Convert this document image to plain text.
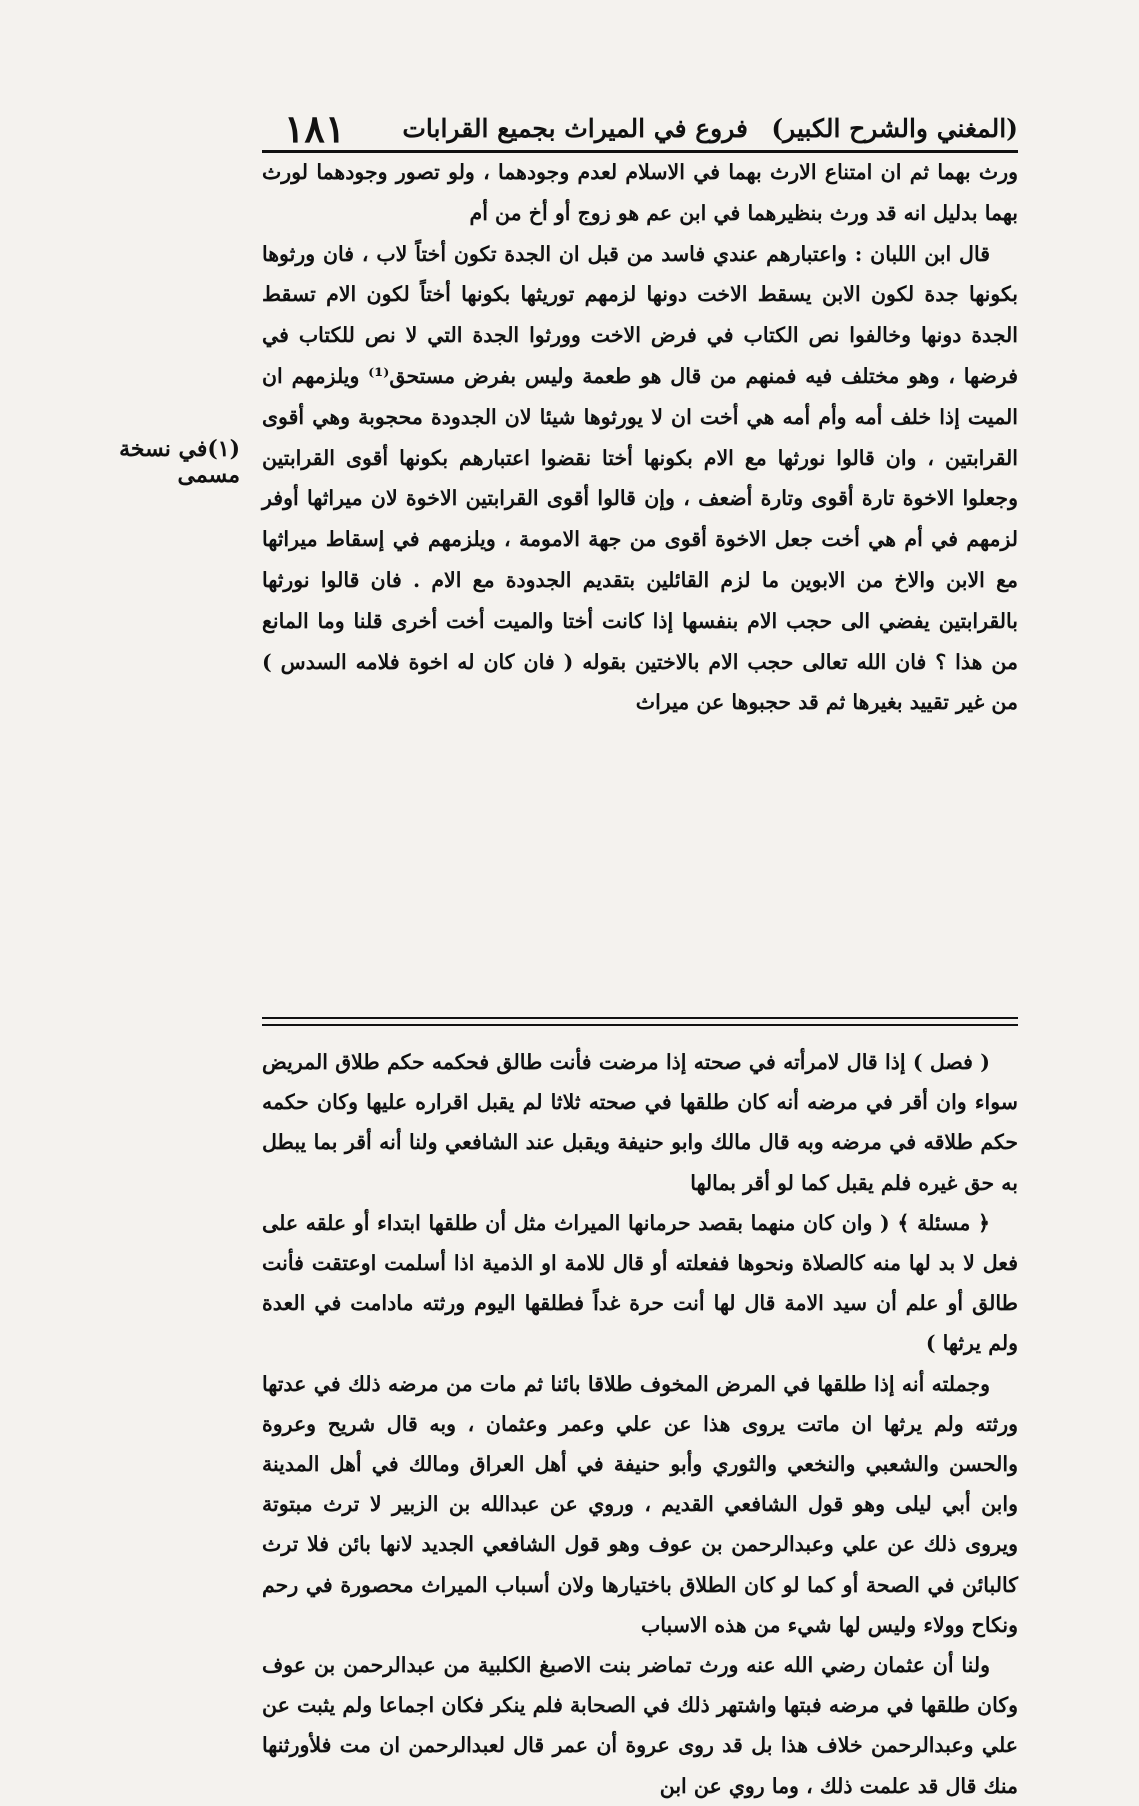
(المغني والشرح الكبير)
فروع في الميراث بجميع القرابات
١٨١
(١)في نسخة مسمى

ورث بهما ثم ان امتناع الارث بهما في الاسلام لعدم وجودهما ، ولو تصور وجودهما لورث بهما بدليل انه قد ورث بنظيرهما في ابن عم هو زوج أو أخ من أم

قال ابن اللبان : واعتبارهم عندي فاسد من قبل ان الجدة تكون أختاً لاب ، فان ورثوها بكونها جدة لكون الابن يسقط الاخت دونها لزمهم توريثها بكونها أختاً لكون الام تسقط الجدة دونها وخالفوا نص الكتاب في فرض الاخت وورثوا الجدة التي لا نص للكتاب في فرضها ، وهو مختلف فيه فمنهم من قال هو طعمة وليس بفرض مستحق⁽¹⁾ ويلزمهم ان الميت إذا خلف أمه وأم أمه هي أخت ان لا يورثوها شيئا لان الجدودة محجوبة وهي أقوى القرابتين ، وان قالوا نورثها مع الام بكونها أختا نقضوا اعتبارهم بكونها أقوى القرابتين وجعلوا الاخوة تارة أقوى وتارة أضعف ، وإن قالوا أقوى القرابتين الاخوة لان ميراثها أوفر لزمهم في أم هي أخت جعل الاخوة أقوى من جهة الامومة ، ويلزمهم في إسقاط ميراثها مع الابن والاخ من الابوين ما لزم القائلين بتقديم الجدودة مع الام . فان قالوا نورثها بالقرابتين يفضي الى حجب الام بنفسها إذا كانت أختا والميت أخت أخرى قلنا وما المانع من هذا ؟ فان الله تعالى حجب الام بالاختين بقوله ( فان كان له اخوة فلامه السدس ) من غير تقييد بغيرها ثم قد حجبوها عن ميراث

( فصل ) إذا قال لامرأته في صحته إذا مرضت فأنت طالق فحكمه حكم طلاق المريض سواء وان أقر في مرضه أنه كان طلقها في صحته ثلاثا لم يقبل اقراره عليها وكان حكمه حكم طلاقه في مرضه وبه قال مالك وابو حنيفة ويقبل عند الشافعي ولنا أنه أقر بما يبطل به حق غيره فلم يقبل كما لو أقر بمالها

﴿ مسئلة ﴾ ( وان كان منهما بقصد حرمانها الميراث مثل أن طلقها ابتداء أو علقه على فعل لا بد لها منه كالصلاة ونحوها ففعلته أو قال للامة او الذمية اذا أسلمت اوعتقت فأنت طالق أو علم أن سيد الامة قال لها أنت حرة غداً فطلقها اليوم ورثته مادامت في العدة ولم يرثها )

وجملته أنه إذا طلقها في المرض المخوف طلاقا بائنا ثم مات من مرضه ذلك في عدتها ورثته ولم يرثها ان ماتت يروى هذا عن علي وعمر وعثمان ، وبه قال شريح وعروة والحسن والشعبي والنخعي والثوري وأبو حنيفة في أهل العراق ومالك في أهل المدينة وابن أبي ليلى وهو قول الشافعي القديم ، وروي عن عبدالله بن الزبير لا ترث مبتوتة ويروى ذلك عن علي وعبدالرحمن بن عوف وهو قول الشافعي الجديد لانها بائن فلا ترث كالبائن في الصحة أو كما لو كان الطلاق باختيارها ولان أسباب الميراث محصورة في رحم ونكاح وولاء وليس لها شيء من هذه الاسباب

ولنا أن عثمان رضي الله عنه ورث تماضر بنت الاصبغ الكلبية من عبدالرحمن بن عوف وكان طلقها في مرضه فبتها واشتهر ذلك في الصحابة فلم ينكر فكان اجماعا ولم يثبت عن علي وعبدالرحمن خلاف هذا بل قد روى عروة أن عمر قال لعبدالرحمن ان مت فلأورثنها منك قال قد علمت ذلك ، وما روي عن ابن
